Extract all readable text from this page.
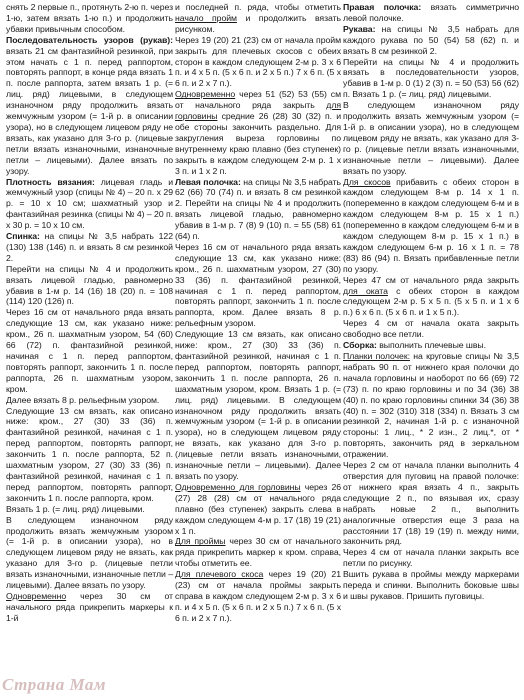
снять 2 первые п., протянуть 2-ю п. через 1-ю, затем вязать 1-ю п.) и продолжить убавки привычным способом.

Последовательность узоров (рукав): вязать 21 см фантазийной резинкой, при этом начать с 1 п. перед раппортом, повторять раппорт, в конце ряда вязать 1 п. после раппорта, затем вязать 1 р. (= лиц. ряд) лицевыми, в следующем изнаночном ряду продолжить вязать жемчужным узором (= 1-й р. в описании узора), но в следующем лицевом ряду не вязать, как указано для 3-го р. (лицевые петли вязать изнаночными, изнаночные петли – лицевыми). Далее вязать по узору.

Плотность вязания: лицевая гладь и жемчужный узор (спицы № 4) – 20 п. х 29 р. = 10 х 10 см; шахматный узор и фантазийная резинка (спицы № 4) – 20 п. х 30 р. = 10 х 10 см.

Спинка: на спицы № 3,5 набрать 122 (130) 138 (146) п. и вязать 8 см резинкой 2.

Перейти на спицы № 4 и продолжить вязать лицевой гладью, равномерно убавив в 1-м р. 14 (16) 18 (20) п. = 108 (114) 120 (126) п.

Через 16 см от начального ряда вязать следующие 13 см, как указано ниже: кром., 26 п. шахматным узором, 54 (60) 66 (72) п. фантазийной резинкой, начиная с 1 п. перед раппортом, повторять раппорт, закончить 1 п. после раппорта, 26 п. шахматным узором, кром.

Далее вязать 8 р. рельефным узором.

Следующие 13 см вязать, как описано ниже: кром., 27 (30) 33 (36) п. фантазийной резинкой, начиная с 1 п. перед раппортом, повторять раппорт, закончить 1 п. после раппорта, 52 п. шахматным узором, 27 (30) 33 (36) п. фантазийной резинкой, начиная с 1 п. перед раппортом, повторять раппорт, закончить 1 п. после раппорта, кром.

Вязать 1 р. (= лиц. ряд) лицевыми.

В следующем изнаночном ряду продолжить вязать жемчужным узором (= 1-й р. в описании узора), но в следующем лицевом ряду не вязать, как указано для 3-го р. (лицевые петли вязать изнаночными, изнаночные петли – лицевыми). Далее вязать по узору.

Одновременно через 30 см от начального ряда прикрепить маркеры к 1-й

и последней п. ряда, чтобы отметить начало пройм и продолжить вязать рисунком.

Через 19 (20) 21 (23) см от начала пройм закрыть для плечевых скосов с обеих сторон в каждом следующем 2-м р. 3 х 6 п. и 4 х 5 п. (5 х 6 п. и 2 х 5 п.) 7 х 6 п. (5 х 6 п. и 2 х 7 п.).

Одновременно через 51 (52) 53 (55) см от начального ряда закрыть для горловины средние 26 (28) 30 (32) п. и обе стороны закончить раздельно. Для закругления выреза горловины по внутреннему краю плавно (без ступенек) закрыть в каждом следующем 2-м р. 1 х 3 п. и 1 х 2 п.

Левая полочка: на спицы № 3,5 набрать 62 (66) 70 (74) п. и вязать 8 см резинкой 2. Перейти на спицы № 4 и продолжить вязать лицевой гладью, равномерно убавив в 1-м р. 7 (8) 9 (10) п. = 55 (58) 61 (64) п.

Через 16 см от начального ряда вязать следующие 13 см, как указано ниже: кром., 26 п. шахматным узором, 27 (30) 33 (36) п. фантазийной резинкой, начиная с 1 п. перед раппортом, повторять раппорт, закончить 1 п. после раппорта, кром. Далее вязать 8 р. рельефным узором.

Следующие 13 см вязать, как описано ниже: кром., 27 (30) 33 (36) п. фантазийной резинкой, начиная с 1 п. перед раппортом, повторять раппорт, закончить 1 п. после раппорта, 26 п. шахматным узором, кром. Вязать 1 р. (= лиц. ряд) лицевыми. В следующем изнаночном ряду продолжить вязать жемчужным узором (= 1-й р. в описании узора), но в следующем лицевом ряду не вязать, как указано для 3-го р. (лицевые петли вязать изнаночными, изнаночные петли – лицевыми). Далее вязать по узору.

Одновременно для горловины через 26 (27) 28 (28) см от начального ряда плавно (без ступенек) закрыть слева в каждом следующем 4-м р. 17 (18) 19 (21) х 1 п.

Для проймы через 30 см от начального ряда прикрепить маркер к кром. справа, чтобы отметить ее.

Для плечевого скоса через 19 (20) 21 (23) см от начала проймы закрыть справа в каждом следующем 2-м р. 3 х 6 п. и 4 х 5 п. (5 х 6 п. и 2 х 5 п.) 7 х 6 п. (5 х 6 п. и 2 х 7 п.).

Правая полочка: вязать симметрично левой полочке.

Рукава: на спицы № 3,5 набрать для каждого рукава по 50 (54) 58 (62) п. и вязать 8 см резинкой 2.

Перейти на спицы № 4 и продолжить вязать в последовательности узоров, убавив в 1-м р. 0 (1) 2 (3) п. = 50 (53) 56 (62) п. Вязать 1 р. (= лиц. ряд) лицевыми.

В следующем изнаночном ряду продолжить вязать жемчужным узором (= 1-й р. в описании узора), но в следующем лицевом ряду не вязать, как указано для 3-го р. (лицевые петли вязать изнаночными, изнаночные петли – лицевыми). Далее вязать по узору.

Для скосов прибавить с обеих сторон в каждом следующем 8-м р. 14 х 1 п. (попеременно в каждом следующем 6-м и в каждом следующем 8-м р. 15 х 1 п.) (попеременно в каждом следующем 6-м и в каждом следующем 8-м р. 15 х 1 п.) в каждом следующем 6-м р. 16 х 1 п. = 78 (83) 86 (94) п. Вязать прибавленные петли по узору.

Через 47 см от начального ряда закрыть для оката с обеих сторон в каждом следующем 2-м р. 5 х 5 п. (5 х 5 п. и 1 х 6 п.) 6 х 6 п. (5 х 6 п. и 1 х 5 п.).

Через 4 см от начала оката закрыть свободно все петли.

Сборка: выполнить плечевые швы.

Планки полочек: на круговые спицы № 3,5 набрать 90 п. от нижнего края полочки до начала горловины и наоборот по 66 (69) 72 (73) п. по краю горловины и по 34 (36) 38 (40) п. по краю горловины спинки 34 (36) 38 (40) п. = 302 (310) 318 (334) п. Вязать 3 см резинкой 2, начиная 1-й р. с изнаночной стороны: 1 лиц., * 2 изн., 2 лиц.*, от * повторять, закончить ряд в зеркальном отражении.

Через 2 см от начала планки выполнить 4 отверстия для пуговиц на правой полочке: от нижнего края вязать 4 п., закрыть следующие 2 п., по вязывая их, сразу набрать новые 2 п., выполнить аналогичные отверстия еще 3 раза на расстоянии 17 (18) 19 (19) п. между ними, закончить ряд.

Через 4 см от начала планки закрыть все петли по рисунку.

Вшить рукава в проймы между маркерами переда и спинки. Выполнить боковые швы и швы рукавов. Пришить пуговицы.

Страна Мам
